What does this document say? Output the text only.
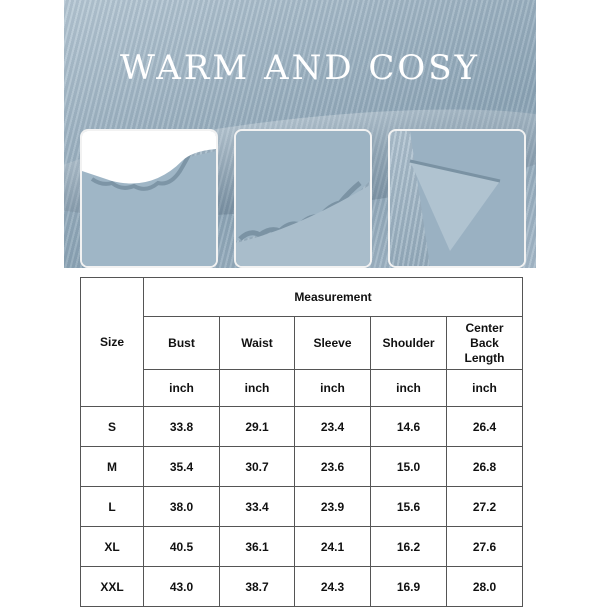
WARM AND COSY
Size	Measurement				
	Bust	Waist	Sleeve	Shoulder	Center
Back
Length

	inch	inch	inch	inch	inch
S	33.8	29.1	23.4	14.6	26.4
M	35.4	30.7	23.6	15.0	26.8
L	38.0	33.4	23.9	15.6	27.2
XL	40.5	36.1	24.1	16.2	27.6
XXL	43.0	38.7	24.3	16.9	28.0
